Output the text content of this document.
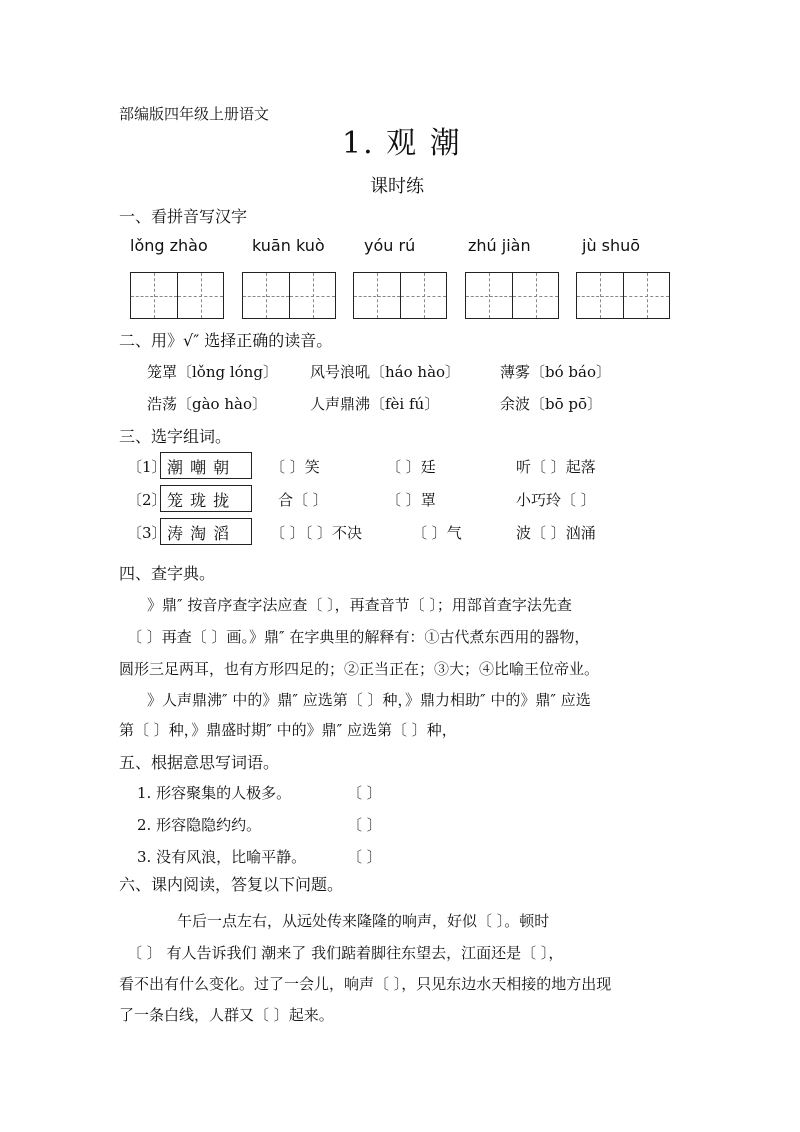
部编版四年级上册语文
1. 观 潮
课时练
一、看拼音写汉字
lǒng zhào	kuān kuò yóu rú	zhú jiàn	jù shuō
二、用》√″ 选择正确的读音。
笼罩〔lǒng lóng〕 风号浪吼〔háo hào〕	薄雾〔bó báo〕
浩荡〔gào hào〕	人声鼎沸〔fèi fú〕	余波〔bō pō〕
三、选字组词。
〔1〕 潮 嘲 朝	〔 〕笑	〔 〕廷	听〔 〕起落
〔2〕 笼 珑 拢	合〔 〕	〔 〕罩	小巧玲〔 〕
〔3〕 涛 淘 滔	〔 〕〔 〕不决	〔 〕气	波〔 〕汹涌
四、查字典。
》鼎″ 按音序查字法应查〔 〕，再查音节〔 〕；用部首查字法先查
〔 〕再查〔 〕画。》鼎″ 在字典里的解释有：①古代煮东西用的器物，
圆形三足两耳，也有方形四足的；②正当正在；③大；④比喻王位帝业。
》人声鼎沸″ 中的》鼎″ 应选第〔 〕种，》鼎力相助″ 中的》鼎″ 应选
第〔 〕种，》鼎盛时期″ 中的》鼎″ 应选第〔 〕种，
五、根据意思写词语。
1. 形容聚集的人极多。	〔 〕
2. 形容隐隐约约。	〔 〕
3. 没有风浪，比喻平静。	〔 〕
六、课内阅读，答复以下问题。
午后一点左右，从远处传来隆隆的响声，好似〔 〕。顿时
〔 〕 有人告诉我们 潮来了 我们踮着脚往东望去，江面还是〔 〕，
看不出有什么变化。过了一会儿，响声〔 〕，只见东边水天相接的地方出现
了一条白线，人群又〔 〕起来。
